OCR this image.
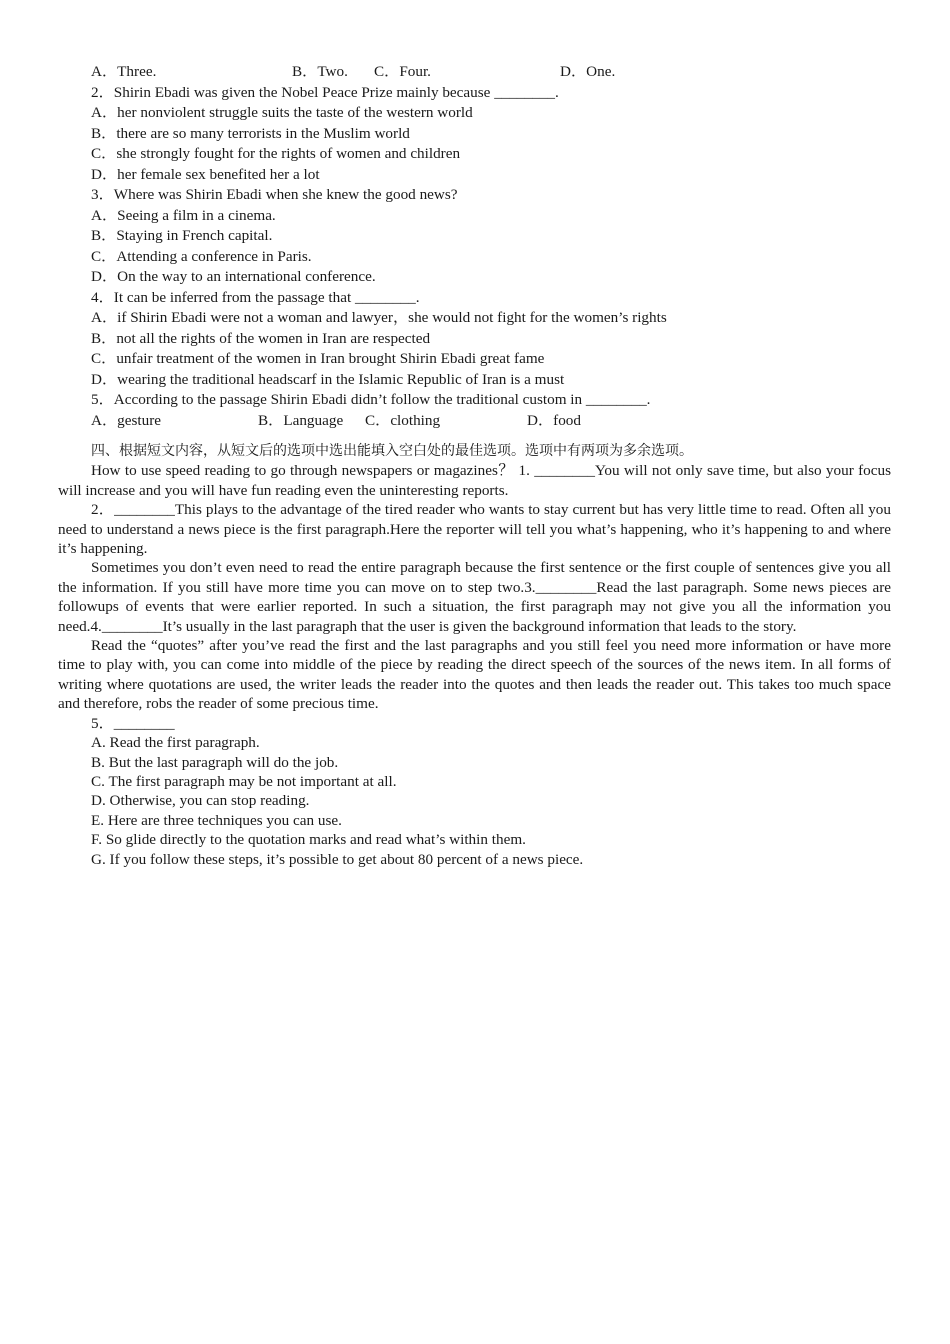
A．Three.	B．Two. C．Four.	D．One.
2．Shirin Ebadi was given the Nobel Peace Prize mainly because ________.
A．her nonviolent struggle suits the taste of the western world
B．there are so many terrorists in the Muslim world
C．she strongly fought for the rights of women and children
D．her female sex benefited her a lot
3．Where was Shirin Ebadi when she knew the good news?
A．Seeing a film in a cinema.
B．Staying in French capital.
C．Attending a conference in Paris.
D．On the way to an international conference.
4．It can be inferred from the passage that ________.
A．if Shirin Ebadi were not a woman and lawyer，she would not fight for the women’s rights
B．not all the rights of the women in Iran are respected
C．unfair treatment of the women in Iran brought Shirin Ebadi great fame
D．wearing the traditional headscarf in the Islamic Republic of Iran is a must
5．According to the passage Shirin Ebadi didn’t follow the traditional custom in ________.
A．gesture	B．Language C．clothing	D．food

四、根据短文内容，从短文后的选项中选出能填入空白处的最佳选项。选项中有两项为多余选项。

How to use speed reading to go through newspapers or magazines？ 1. ________You will not only save time, but also your focus will increase and you will have fun reading even the uninteresting reports.

2．________This plays to the advantage of the tired reader who wants to stay current but has very little time to read. Often all you need to understand a news piece is the first paragraph.Here the reporter will tell you what’s happening, who it’s happening to and where it’s happening.

Sometimes you don’t even need to read the entire paragraph because the first sentence or the first couple of sentences give you all the information. If you still have more time you can move on to step two.3.________Read the last paragraph. Some news pieces are followups of events that were earlier reported. In such a situation, the first paragraph may not give you all the information you need.4.________It’s usually in the last paragraph that the user is given the background information that leads to the story.

Read the “quotes” after you’ve read the first and the last paragraphs and you still feel you need more information or have more time to play with, you can come into middle of the piece by reading the direct speech of the sources of the news item. In all forms of writing where quotations are used, the writer leads the reader into the quotes and then leads the reader out. This takes too much space and therefore, robs the reader of some precious time.

5．________
A. Read the first paragraph.
B. But the last paragraph will do the job.
C. The first paragraph may be not important at all.
D. Otherwise, you can stop reading.
E. Here are three techniques you can use.
F. So glide directly to the quotation marks and read what’s within them.
G. If you follow these steps, it’s possible to get about 80 percent of a news piece.
